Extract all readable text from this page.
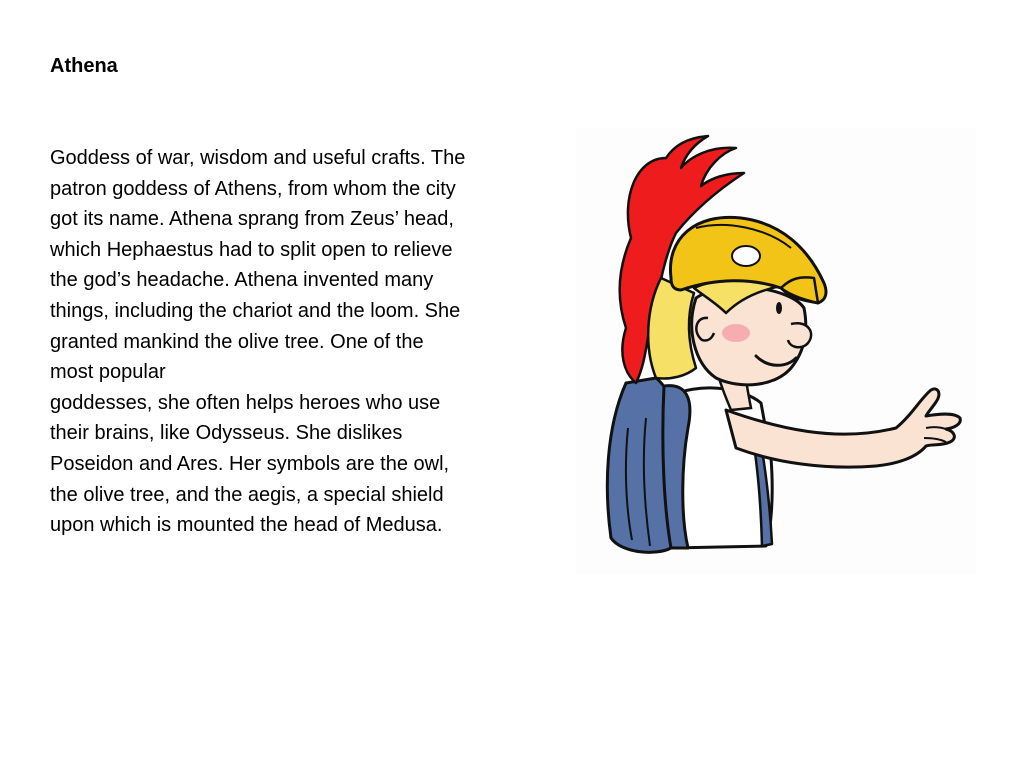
Athena
Goddess of war, wisdom and useful crafts. The
patron goddess of Athens, from whom the city
got its name. Athena sprang from Zeus’ head,
which Hephaestus had to split open to relieve
the god’s headache. Athena invented many
things, including the chariot and the loom. She
granted mankind the olive tree. One of the
most popular
goddesses, she often helps heroes who use
their brains, like Odysseus. She dislikes
Poseidon and Ares. Her symbols are the owl,
the olive tree, and the aegis, a special shield
upon which is mounted the head of Medusa.
